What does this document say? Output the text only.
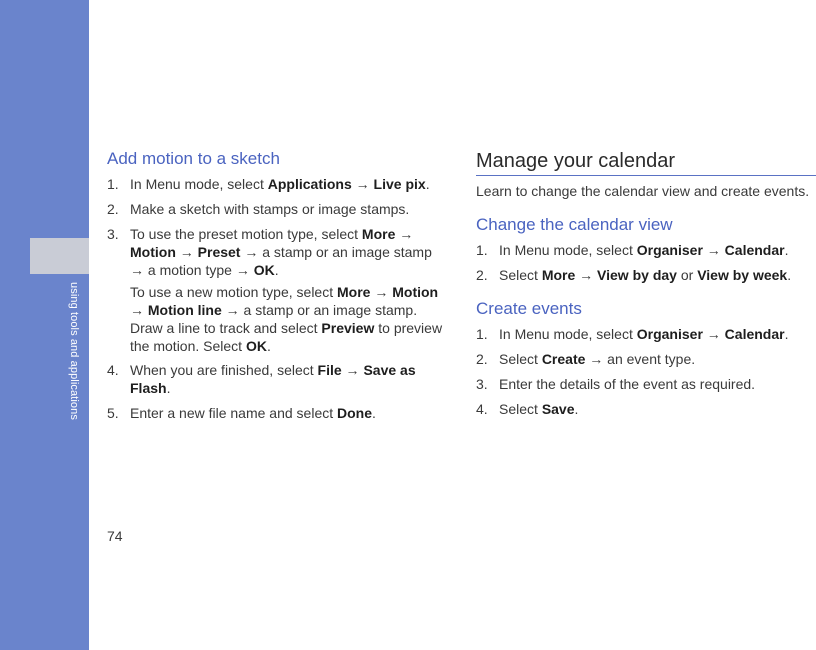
using tools and applications
Add motion to a sketch
1. In Menu mode, select Applications → Live pix.
2. Make a sketch with stamps or image stamps.
3. To use the preset motion type, select More → Motion → Preset → a stamp or an image stamp → a motion type → OK.
To use a new motion type, select More → Motion → Motion line → a stamp or an image stamp. Draw a line to track and select Preview to preview the motion. Select OK.
4. When you are finished, select File → Save as Flash.
5. Enter a new file name and select Done.
Manage your calendar

Learn to change the calendar view and create events.

Change the calendar view
1. In Menu mode, select Organiser → Calendar.
2. Select More → View by day or View by week.
Create events
1. In Menu mode, select Organiser → Calendar.
2. Select Create → an event type.
3. Enter the details of the event as required.
4. Select Save.
74
